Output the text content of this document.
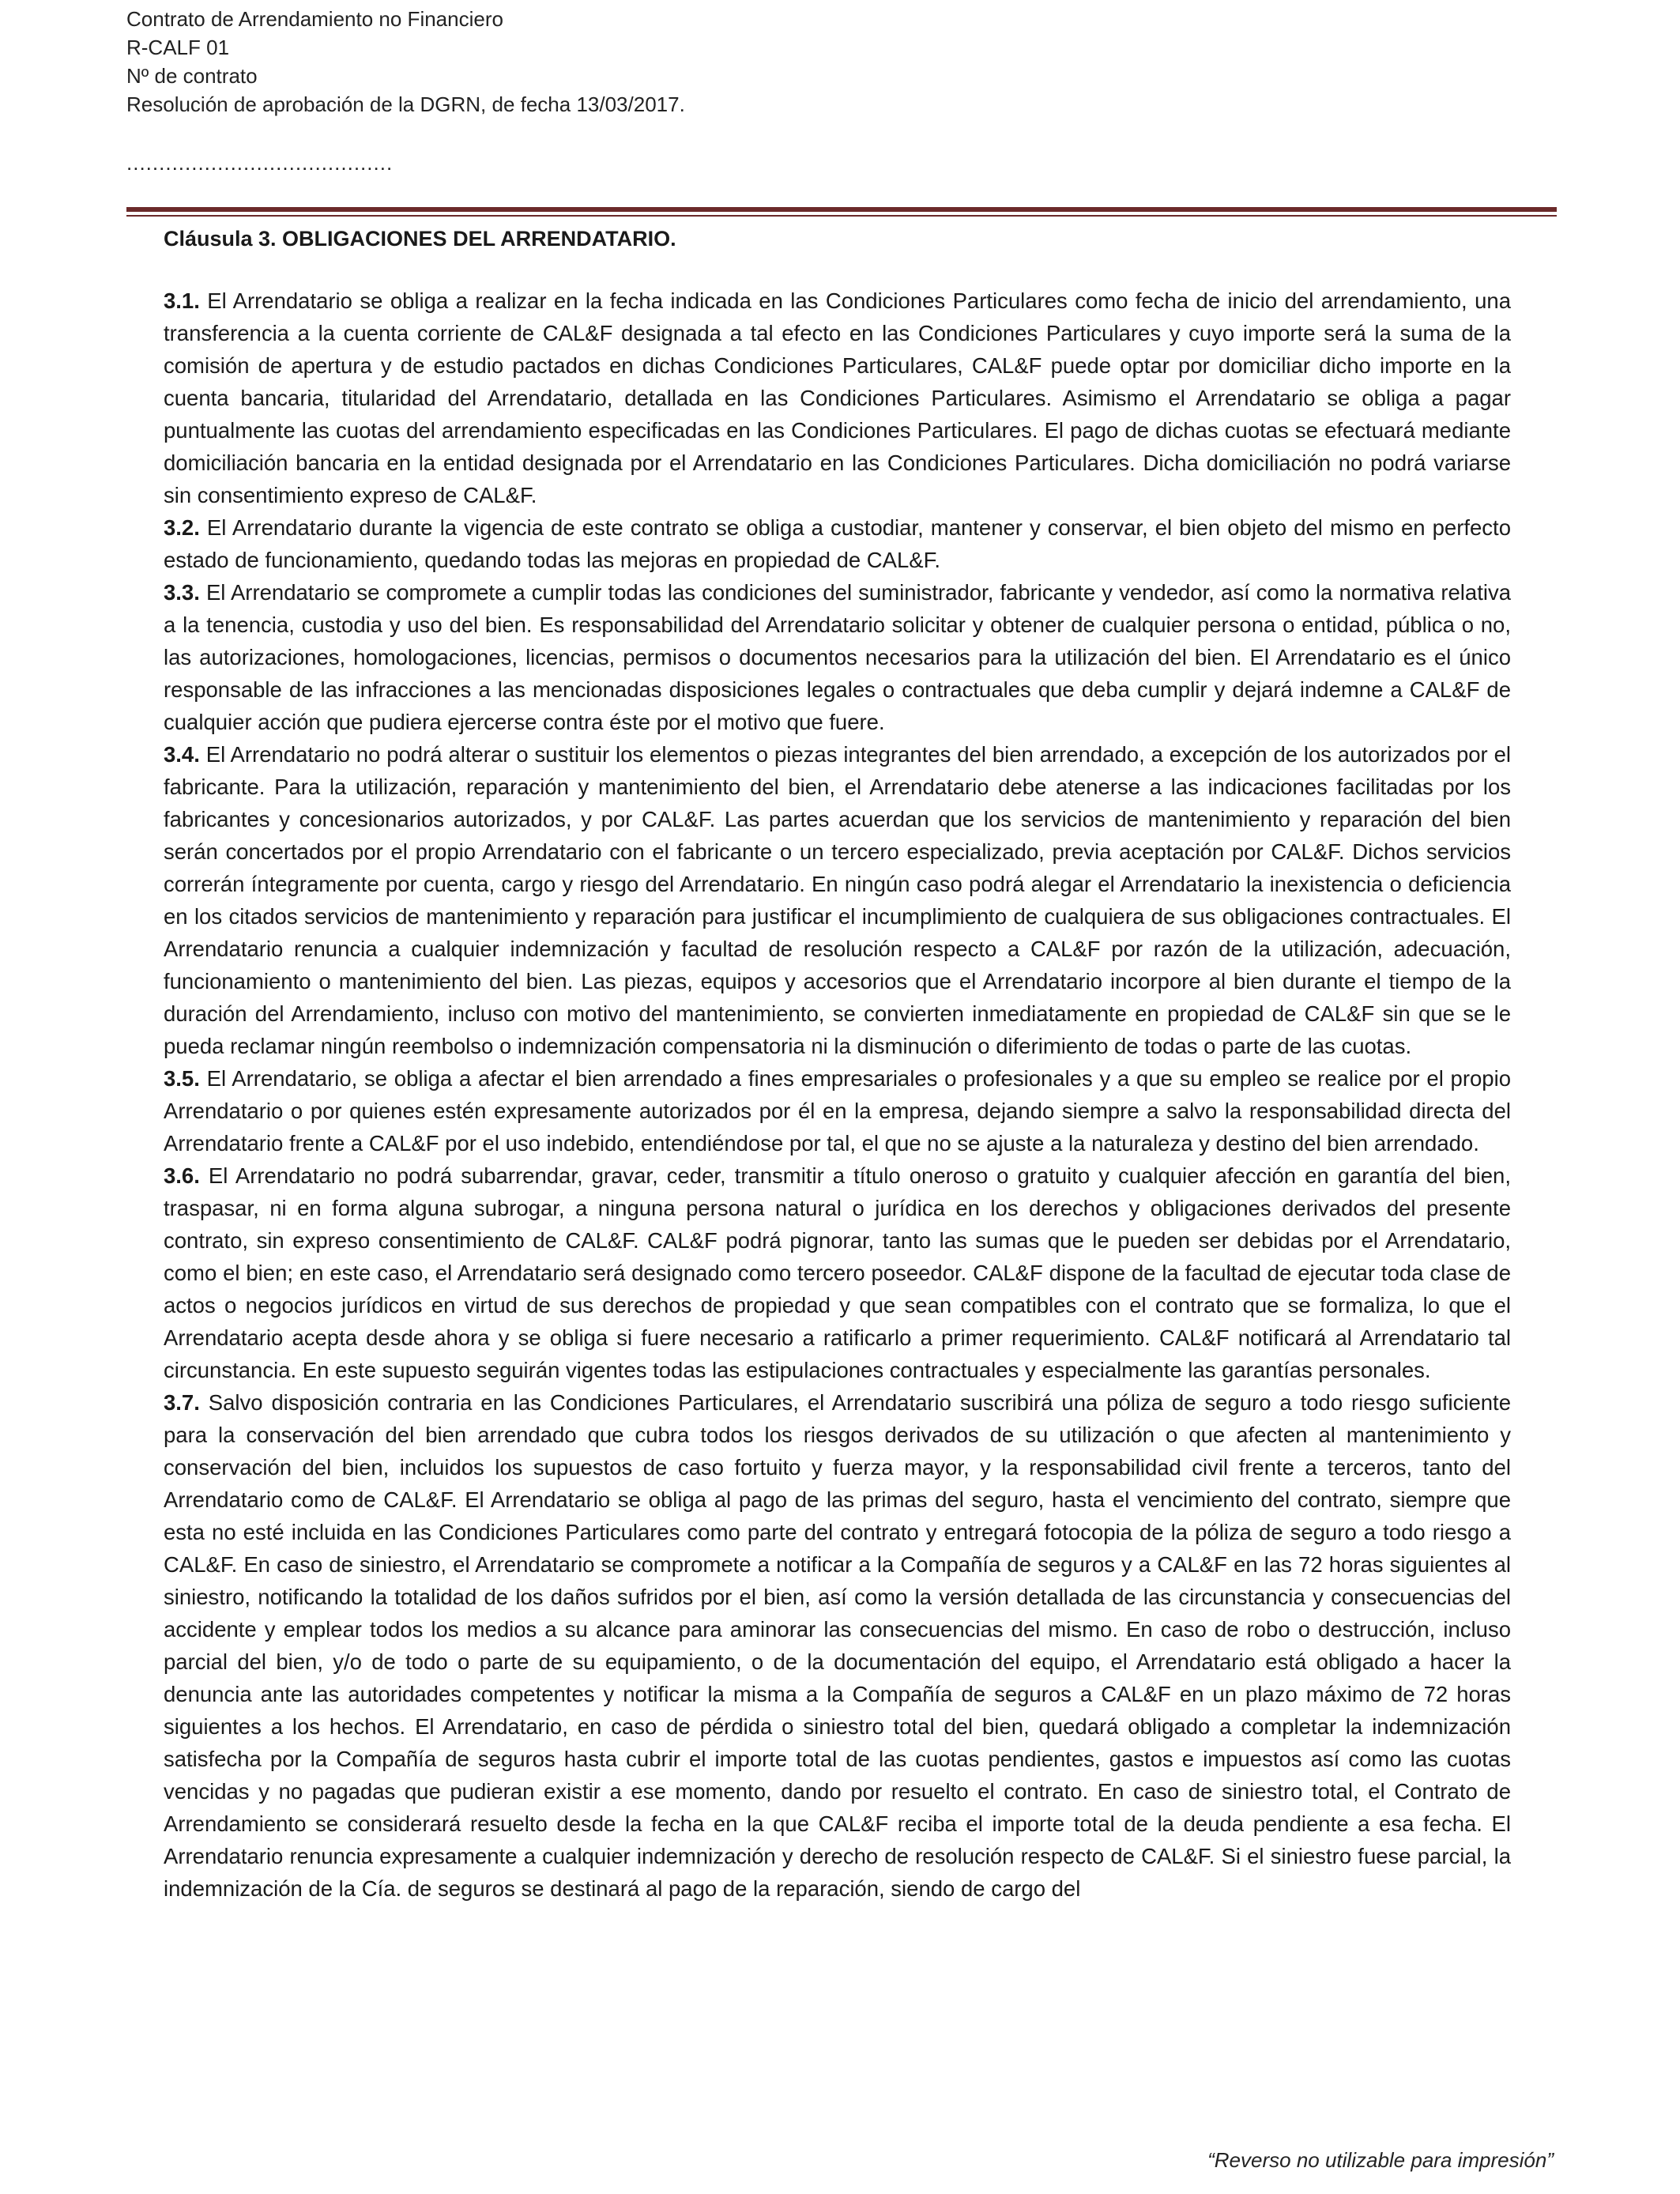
Contrato de Arrendamiento no Financiero
R-CALF 01
Nº de contrato
Resolución de aprobación de la DGRN, de fecha 13/03/2017.
.........................................
Cláusula 3. OBLIGACIONES DEL ARRENDATARIO.

3.1. El Arrendatario se obliga a realizar en la fecha indicada en las Condiciones Particulares como fecha de inicio del arrendamiento, una transferencia a la cuenta corriente de CAL&F designada a tal efecto en las Condiciones Particulares y cuyo importe será la suma de la comisión de apertura y de estudio pactados en dichas Condiciones Particulares, CAL&F puede optar por domiciliar dicho importe en la cuenta bancaria, titularidad del Arrendatario, detallada en las Condiciones Particulares. Asimismo el Arrendatario se obliga a pagar puntualmente las cuotas del arrendamiento especificadas en las Condiciones Particulares. El pago de dichas cuotas se efectuará mediante domiciliación bancaria en la entidad designada por el Arrendatario en las Condiciones Particulares. Dicha domiciliación no podrá variarse sin consentimiento expreso de CAL&F.

3.2. El Arrendatario durante la vigencia de este contrato se obliga a custodiar, mantener y conservar, el bien objeto del mismo en perfecto estado de funcionamiento, quedando todas las mejoras en propiedad de CAL&F.

3.3. El Arrendatario se compromete a cumplir todas las condiciones del suministrador, fabricante y vendedor, así como la normativa relativa a la tenencia, custodia y uso del bien. Es responsabilidad del Arrendatario solicitar y obtener de cualquier persona o entidad, pública o no, las autorizaciones, homologaciones, licencias, permisos o documentos necesarios para la utilización del bien. El Arrendatario es el único responsable de las infracciones a las mencionadas disposiciones legales o contractuales que deba cumplir y dejará indemne a CAL&F de cualquier acción que pudiera ejercerse contra éste por el motivo que fuere.

3.4. El Arrendatario no podrá alterar o sustituir los elementos o piezas integrantes del bien arrendado, a excepción de los autorizados por el fabricante. Para la utilización, reparación y mantenimiento del bien, el Arrendatario debe atenerse a las indicaciones facilitadas por los fabricantes y concesionarios autorizados, y por CAL&F. Las partes acuerdan que los servicios de mantenimiento y reparación del bien serán concertados por el propio Arrendatario con el fabricante o un tercero especializado, previa aceptación por CAL&F. Dichos servicios correrán íntegramente por cuenta, cargo y riesgo del Arrendatario. En ningún caso podrá alegar el Arrendatario la inexistencia o deficiencia en los citados servicios de mantenimiento y reparación para justificar el incumplimiento de cualquiera de sus obligaciones contractuales. El Arrendatario renuncia a cualquier indemnización y facultad de resolución respecto a CAL&F por razón de la utilización, adecuación, funcionamiento o mantenimiento del bien. Las piezas, equipos y accesorios que el Arrendatario incorpore al bien durante el tiempo de la duración del Arrendamiento, incluso con motivo del mantenimiento, se convierten inmediatamente en propiedad de CAL&F sin que se le pueda reclamar ningún reembolso o indemnización compensatoria ni la disminución o diferimiento de todas o parte de las cuotas.

3.5. El Arrendatario, se obliga a afectar el bien arrendado a fines empresariales o profesionales y a que su empleo se realice por el propio Arrendatario o por quienes estén expresamente autorizados por él en la empresa, dejando siempre a salvo la responsabilidad directa del Arrendatario frente a CAL&F por el uso indebido, entendiéndose por tal, el que no se ajuste a la naturaleza y destino del bien arrendado.

3.6. El Arrendatario no podrá subarrendar, gravar, ceder, transmitir a título oneroso o gratuito y cualquier afección en garantía del bien, traspasar, ni en forma alguna subrogar, a ninguna persona natural o jurídica en los derechos y obligaciones derivados del presente contrato, sin expreso consentimiento de CAL&F. CAL&F podrá pignorar, tanto las sumas que le pueden ser debidas por el Arrendatario, como el bien; en este caso, el Arrendatario será designado como tercero poseedor. CAL&F dispone de la facultad de ejecutar toda clase de actos o negocios jurídicos en virtud de sus derechos de propiedad y que sean compatibles con el contrato que se formaliza, lo que el Arrendatario acepta desde ahora y se obliga si fuere necesario a ratificarlo a primer requerimiento. CAL&F notificará al Arrendatario tal circunstancia. En este supuesto seguirán vigentes todas las estipulaciones contractuales y especialmente las garantías personales.

3.7. Salvo disposición contraria en las Condiciones Particulares, el Arrendatario suscribirá una póliza de seguro a todo riesgo suficiente para la conservación del bien arrendado que cubra todos los riesgos derivados de su utilización o que afecten al mantenimiento y conservación del bien, incluidos los supuestos de caso fortuito y fuerza mayor, y la responsabilidad civil frente a terceros, tanto del Arrendatario como de CAL&F. El Arrendatario se obliga al pago de las primas del seguro, hasta el vencimiento del contrato, siempre que esta no esté incluida en las Condiciones Particulares como parte del contrato y entregará fotocopia de la póliza de seguro a todo riesgo a CAL&F. En caso de siniestro, el Arrendatario se compromete a notificar a la Compañía de seguros y a CAL&F en las 72 horas siguientes al siniestro, notificando la totalidad de los daños sufridos por el bien, así como la versión detallada de las circunstancia y consecuencias del accidente y emplear todos los medios a su alcance para aminorar las consecuencias del mismo. En caso de robo o destrucción, incluso parcial del bien, y/o de todo o parte de su equipamiento, o de la documentación del equipo, el Arrendatario está obligado a hacer la denuncia ante las autoridades competentes y notificar la misma a la Compañía de seguros a CAL&F en un plazo máximo de 72 horas siguientes a los hechos. El Arrendatario, en caso de pérdida o siniestro total del bien, quedará obligado a completar la indemnización satisfecha por la Compañía de seguros hasta cubrir el importe total de las cuotas pendientes, gastos e impuestos así como las cuotas vencidas y no pagadas que pudieran existir a ese momento, dando por resuelto el contrato. En caso de siniestro total, el Contrato de Arrendamiento se considerará resuelto desde la fecha en la que CAL&F reciba el importe total de la deuda pendiente a esa fecha. El Arrendatario renuncia expresamente a cualquier indemnización y derecho de resolución respecto de CAL&F. Si el siniestro fuese parcial, la indemnización de la Cía. de seguros se destinará al pago de la reparación, siendo de cargo del

“Reverso no utilizable para impresión”
